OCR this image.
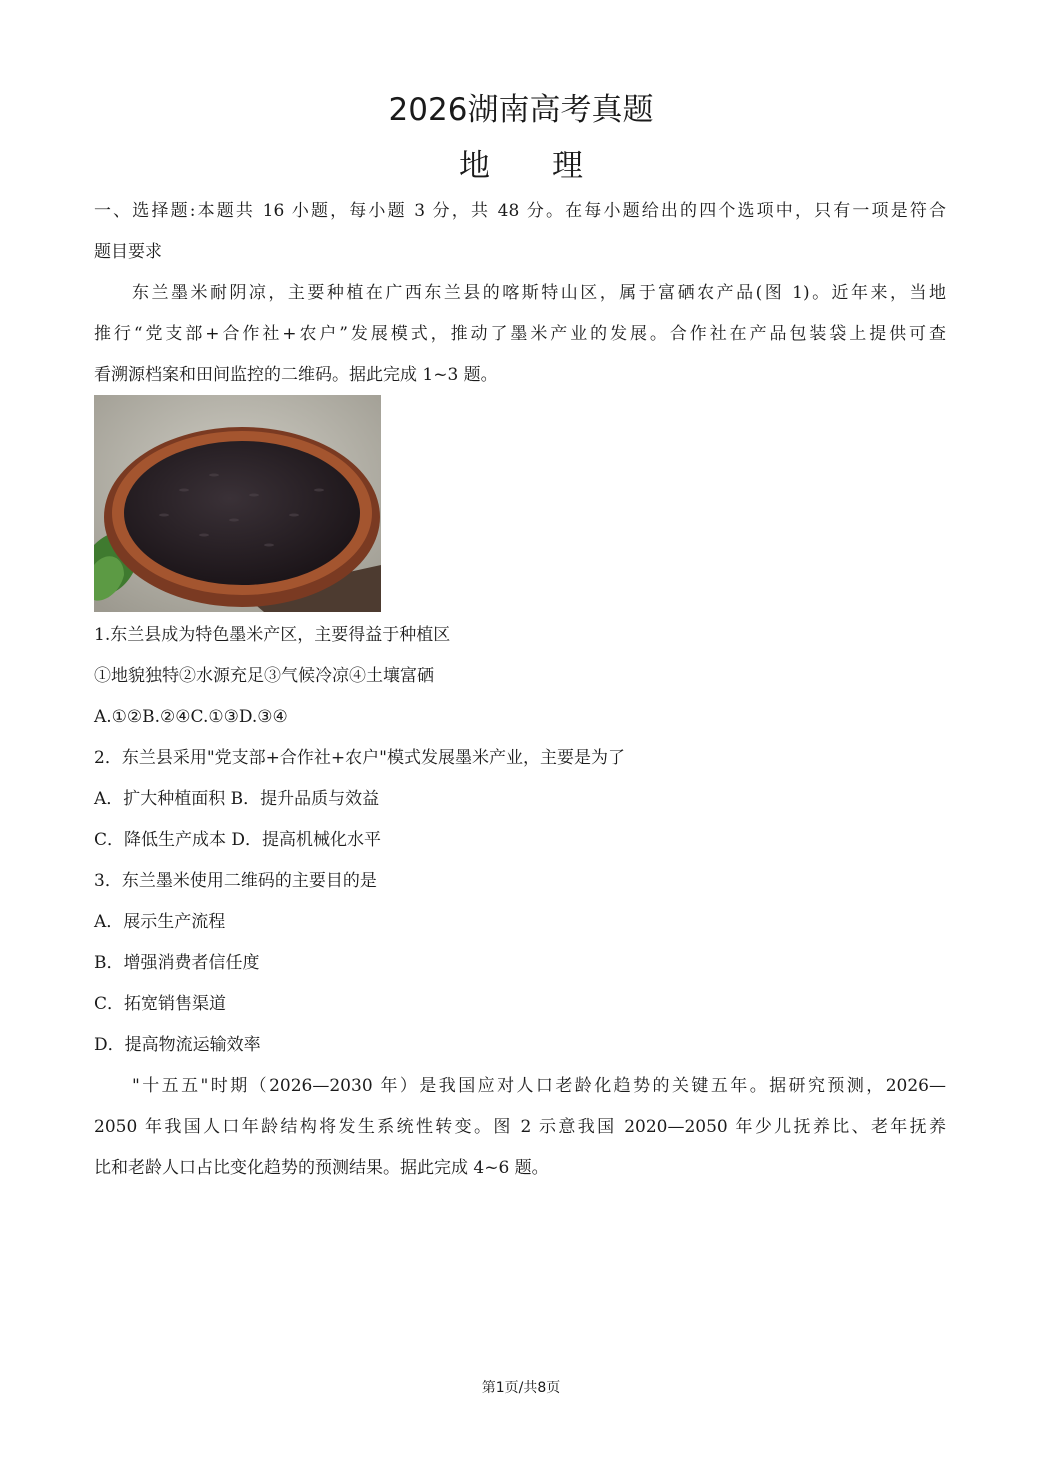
2026湖南高考真题
地 理
一、选择题:本题共 16 小题，每小题 3 分，共 48 分。在每小题给出的四个选项中，只有一项是符合
题目要求
东兰墨米耐阴凉，主要种植在广西东兰县的喀斯特山区，属于富硒农产品(图 1)。近年来，当地
推行“党支部+合作社+农户”发展模式，推动了墨米产业的发展。合作社在产品包装袋上提供可查
看溯源档案和田间监控的二维码。据此完成 1~3 题。
1.东兰县成为特色墨米产区，主要得益于种植区
①地貌独特②水源充足③气候冷凉④土壤富硒
A.①②B.②④C.①③D.③④
2．东兰县采用"党支部+合作社+农户"模式发展墨米产业，主要是为了
A．扩大种植面积 B．提升品质与效益
C．降低生产成本 D．提高机械化水平
3．东兰墨米使用二维码的主要目的是
A．展示生产流程
B．增强消费者信任度
C．拓宽销售渠道
D．提高物流运输效率
"十五五"时期（2026—2030 年）是我国应对人口老龄化趋势的关键五年。据研究预测，2026—
2050 年我国人口年龄结构将发生系统性转变。图 2 示意我国 2020—2050 年少儿抚养比、老年抚养
比和老龄人口占比变化趋势的预测结果。据此完成 4~6 题。
第1页/共8页
